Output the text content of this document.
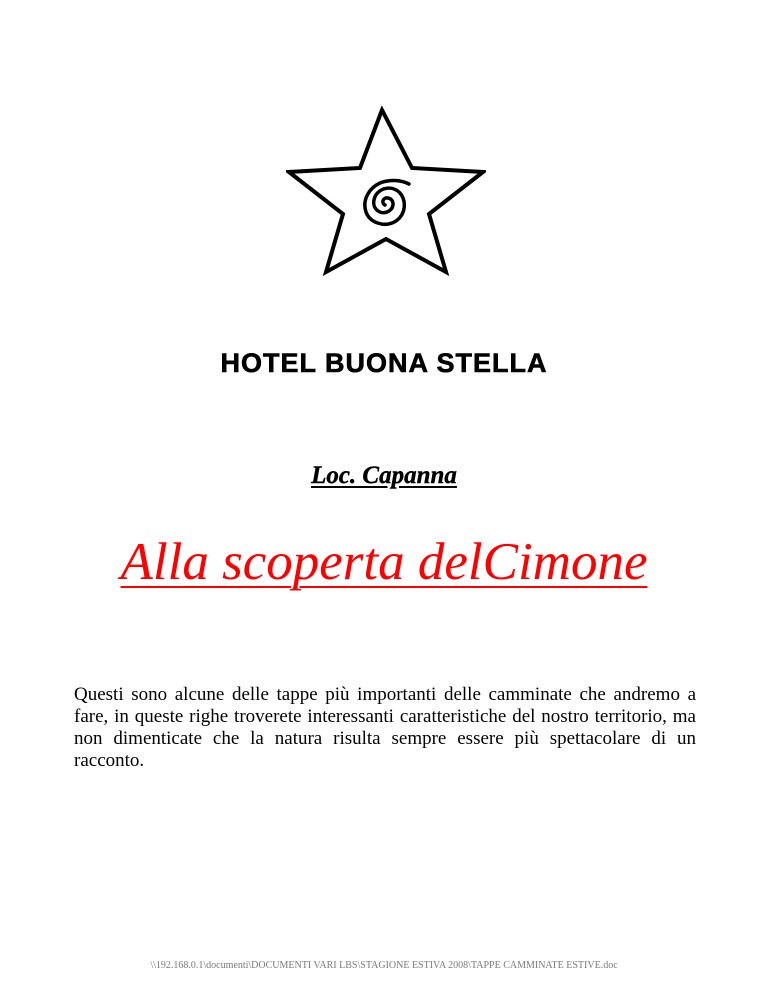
HOTEL BUONA STELLA
Loc. Capanna
Alla scoperta delCimone

Questi sono alcune delle tappe più importanti delle camminate che andremo a fare, in queste righe troverete interessanti caratteristiche del nostro territorio, ma non dimenticate che la natura risulta sempre essere più spettacolare di un racconto.

\\192.168.0.1\documenti\DOCUMENTI VARI LBS\STAGIONE ESTIVA 2008\TAPPE CAMMINATE ESTIVE.doc
